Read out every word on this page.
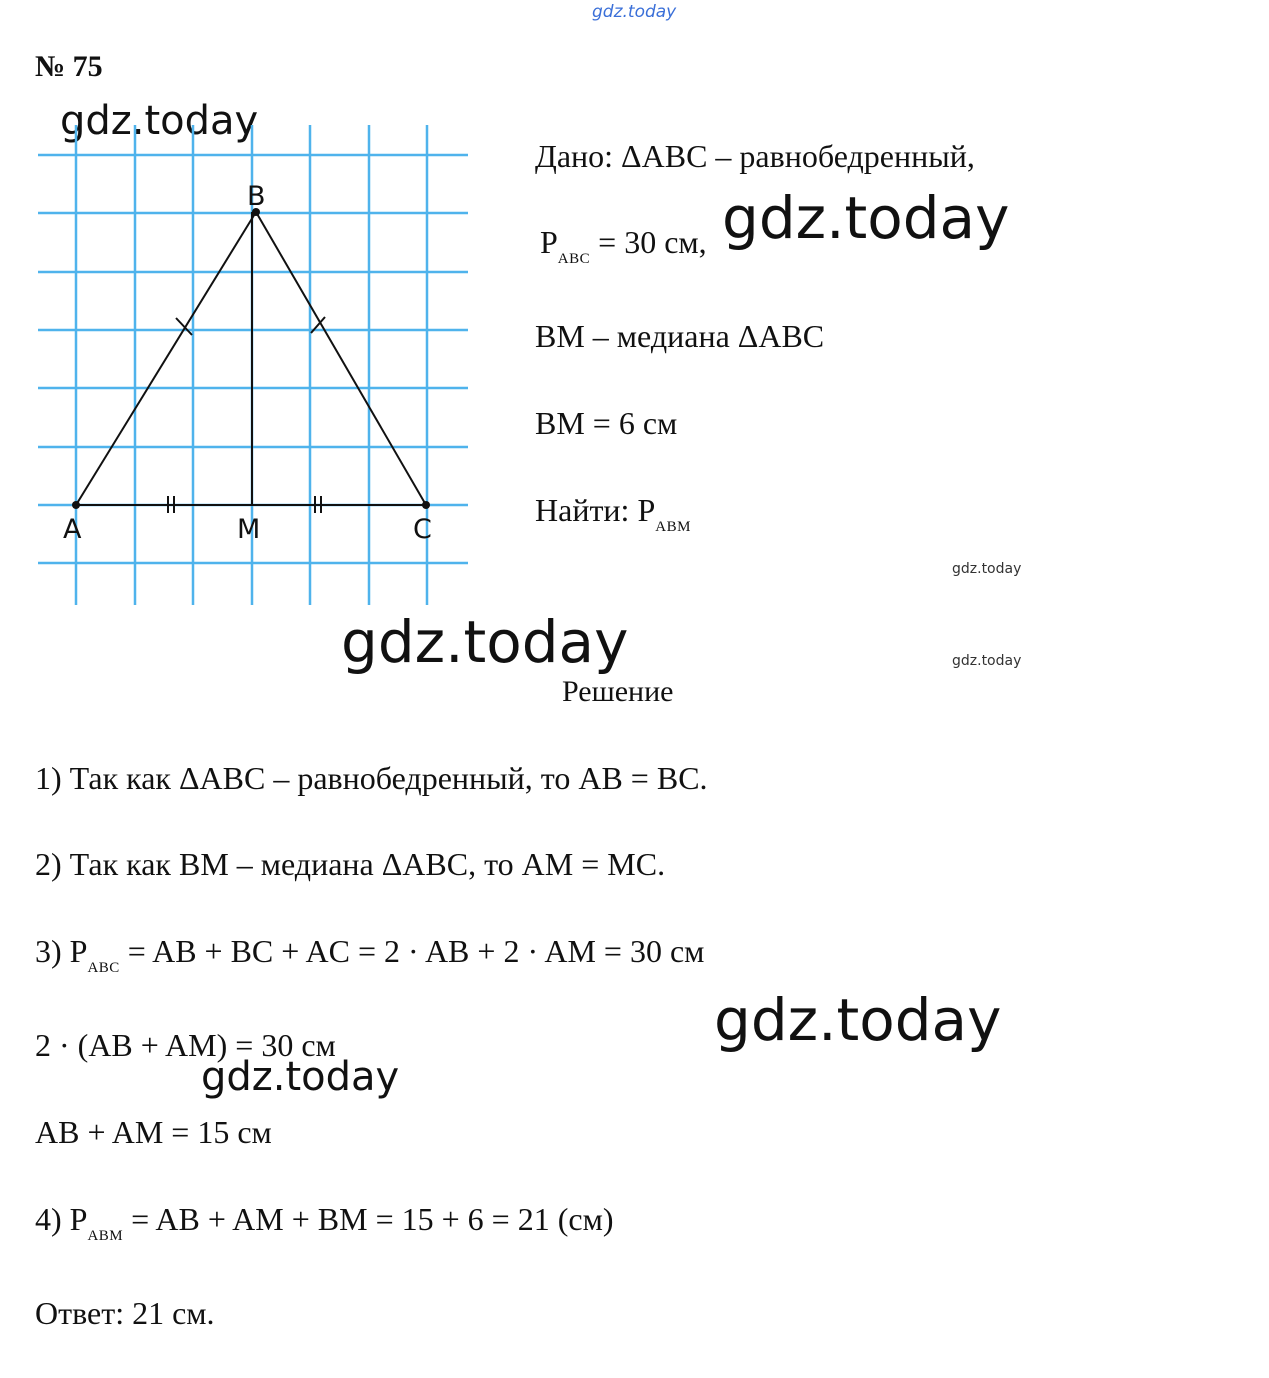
gdz.today
gdz.today
gdz.today
gdz.today
gdz.today
gdz.today
gdz.today
gdz.today
№ 75
B
A	M	C
Дано: ΔABC – равнобедренный,
$P_{ABC} = 30$ см,
BM – медиана ΔABC
BM = 6 см
Найти: $P_{ABM}$
Решение
1) Так как ΔABC – равнобедренный, то AB = BC.
2) Так как BM – медиана ΔABC, то AM = MC.
3) $P_{ABC}$ = AB + BC + AC = 2 · AB + 2 · AM = 30 см
2 · (AB + AM) = 30 см
AB + AM = 15 см
4) $P_{ABM}$ = AB + AM + BM = 15 + 6 = 21 (см)
Ответ: 21 см.
